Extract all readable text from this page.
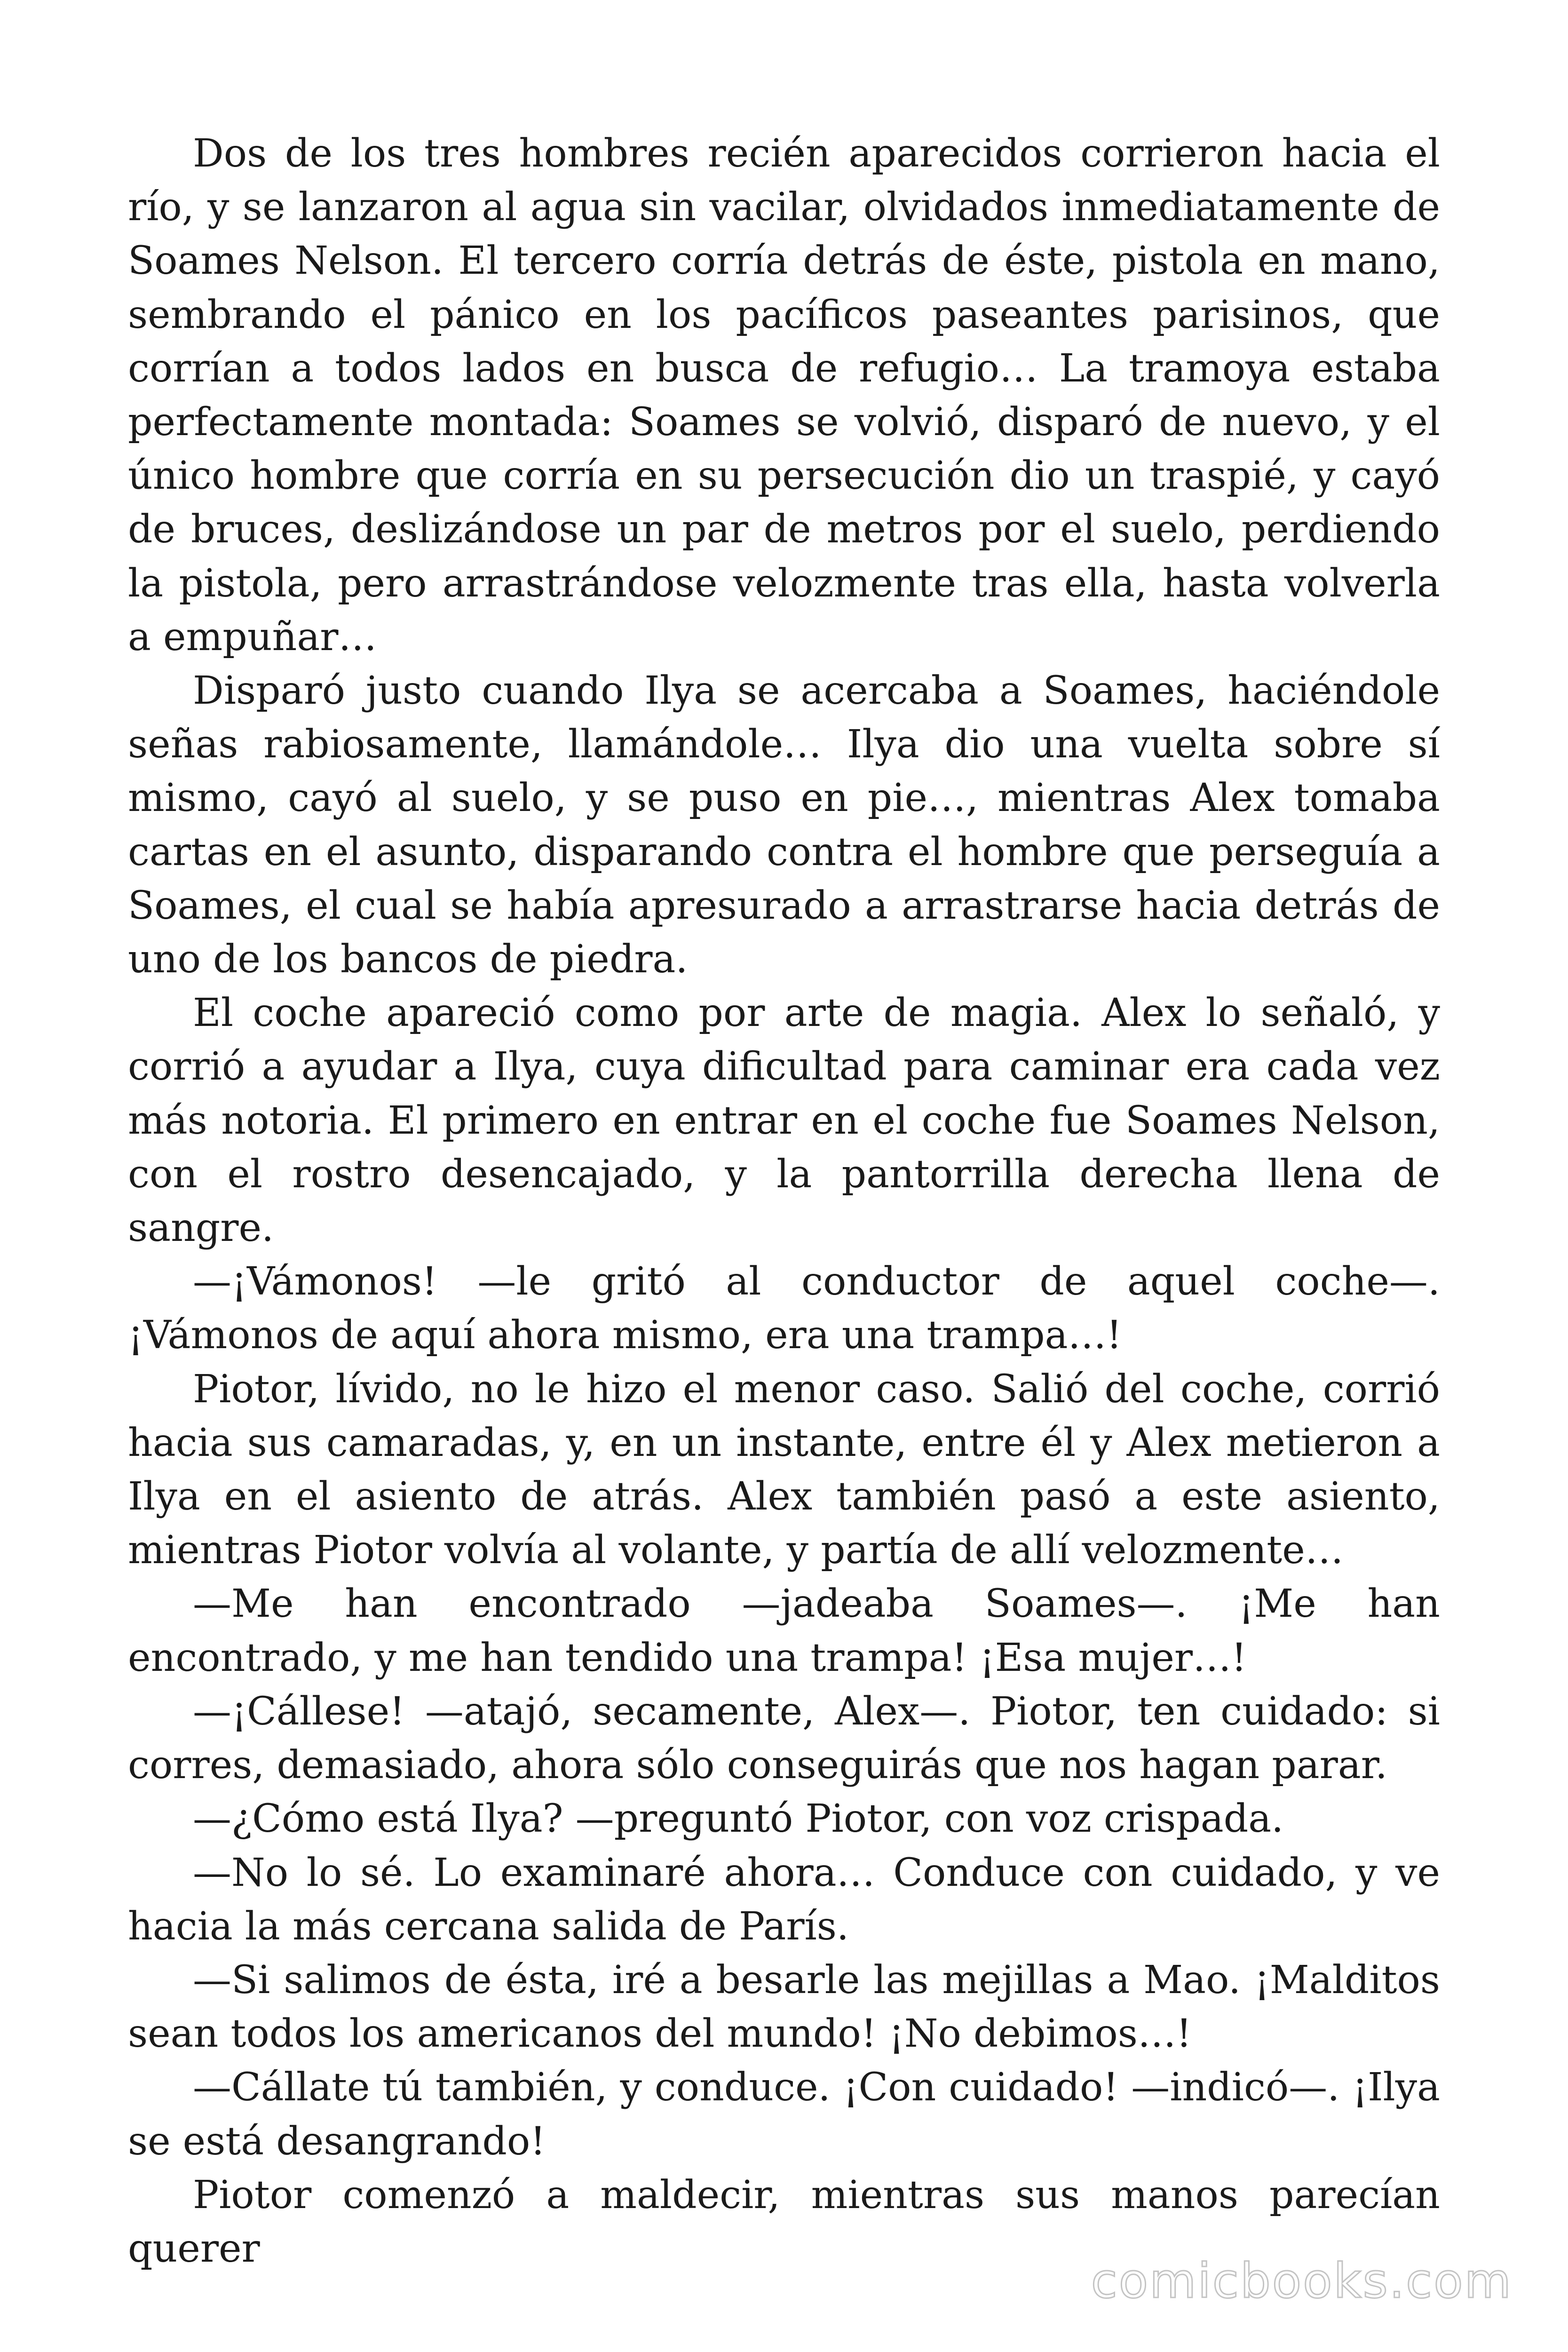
Dos de los tres hombres recién aparecidos corrieron hacia el río, y se lanzaron al agua sin vacilar, olvidados inmediatamente de Soames Nelson. El tercero corría detrás de éste, pistola en mano, sembrando el pánico en los pacíficos paseantes parisinos, que corrían a todos lados en busca de refugio… La tramoya estaba perfectamente montada: Soames se volvió, disparó de nuevo, y el único hombre que corría en su persecución dio un traspié, y cayó de bruces, deslizándose un par de metros por el suelo, perdiendo la pistola, pero arrastrándose velozmente tras ella, hasta volverla a empuñar…

Disparó justo cuando Ilya se acercaba a Soames, haciéndole señas rabiosamente, llamándole… Ilya dio una vuelta sobre sí mismo, cayó al suelo, y se puso en pie…, mientras Alex tomaba cartas en el asunto, disparando contra el hombre que perseguía a Soames, el cual se había apresurado a arrastrarse hacia detrás de uno de los bancos de piedra.

El coche apareció como por arte de magia. Alex lo señaló, y corrió a ayudar a Ilya, cuya dificultad para caminar era cada vez más notoria. El primero en entrar en el coche fue Soames Nelson, con el rostro desencajado, y la pantorrilla derecha llena de sangre.

—¡Vámonos! —le gritó al conductor de aquel coche—. ¡Vámonos de aquí ahora mismo, era una trampa…!

Piotor, lívido, no le hizo el menor caso. Salió del coche, corrió hacia sus camaradas, y, en un instante, entre él y Alex metieron a Ilya en el asiento de atrás. Alex también pasó a este asiento, mientras Piotor volvía al volante, y partía de allí velozmente…

—Me han encontrado —jadeaba Soames—. ¡Me han encontrado, y me han tendido una trampa! ¡Esa mujer…!

—¡Cállese! —atajó, secamente, Alex—. Piotor, ten cuidado: si corres, demasiado, ahora sólo conseguirás que nos hagan parar.

—¿Cómo está Ilya? —preguntó Piotor, con voz crispada.

—No lo sé. Lo examinaré ahora… Conduce con cuidado, y ve hacia la más cercana salida de París.

—Si salimos de ésta, iré a besarle las mejillas a Mao. ¡Malditos sean todos los americanos del mundo! ¡No debimos…!

—Cállate tú también, y conduce. ¡Con cuidado! —indicó—. ¡Ilya se está desangrando!

Piotor comenzó a maldecir, mientras sus manos parecían querer

comicbooks.com
